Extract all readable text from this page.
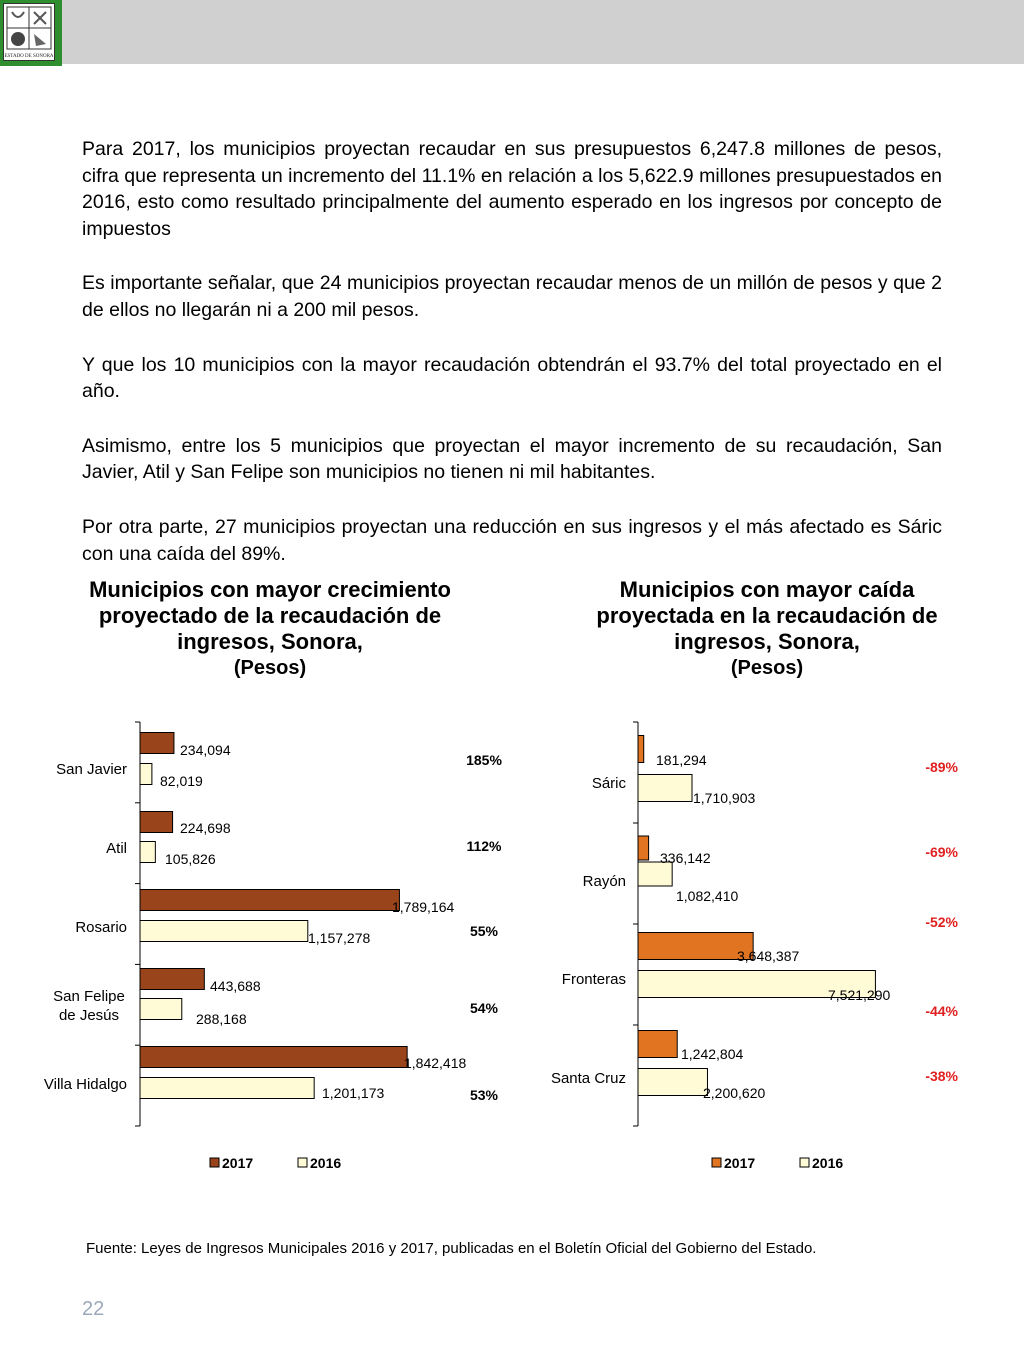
ESTADO DE SONORA

Para 2017, los municipios proyectan recaudar en sus presupuestos 6,247.8 millones de pesos, cifra que representa un incremento del 11.1% en relación a los 5,622.9 millones presupuestados en 2016, esto como resultado principalmente del aumento esperado en los ingresos por concepto de impuestos

Es importante señalar, que 24 municipios proyectan recaudar menos de un millón de pesos y que 2 de ellos no llegarán ni a 200 mil pesos.

Y que los 10 municipios con la mayor recaudación obtendrán el 93.7% del total proyectado en el año.

Asimismo, entre los 5 municipios que proyectan el mayor incremento de su recaudación, San Javier, Atil y San Felipe son municipios no tienen ni mil habitantes.

Por otra parte, 27 municipios proyectan una reducción en sus ingresos y el más afectado es Sáric con una caída del 89%.

Municipios con mayor crecimiento proyectado de la recaudación de ingresos, Sonora,
(Pesos)
Municipios con mayor caída proyectada en la recaudación de ingresos, Sonora,
(Pesos)
234,094
82,019
San Javier
185%
224,698
105,826
Atil	112%
1,789,164
1,157,278
Rosario	55%
443,688
288,168
San Felipe
de Jesús	54%
1,842,418
1,201,173
Villa Hidalgo
53%
2017	2016
181,294
1,710,903
Sáric
-89%
336,142
1,082,410
Rayón
-69%
3,648,387
7,521,290
Fronteras
-52%
1,242,804
2,200,620
Santa Cruz
-44%
-38%
2017	2016
Fuente: Leyes de Ingresos Municipales 2016 y 2017, publicadas en el Boletín Oficial del Gobierno del Estado.
22
